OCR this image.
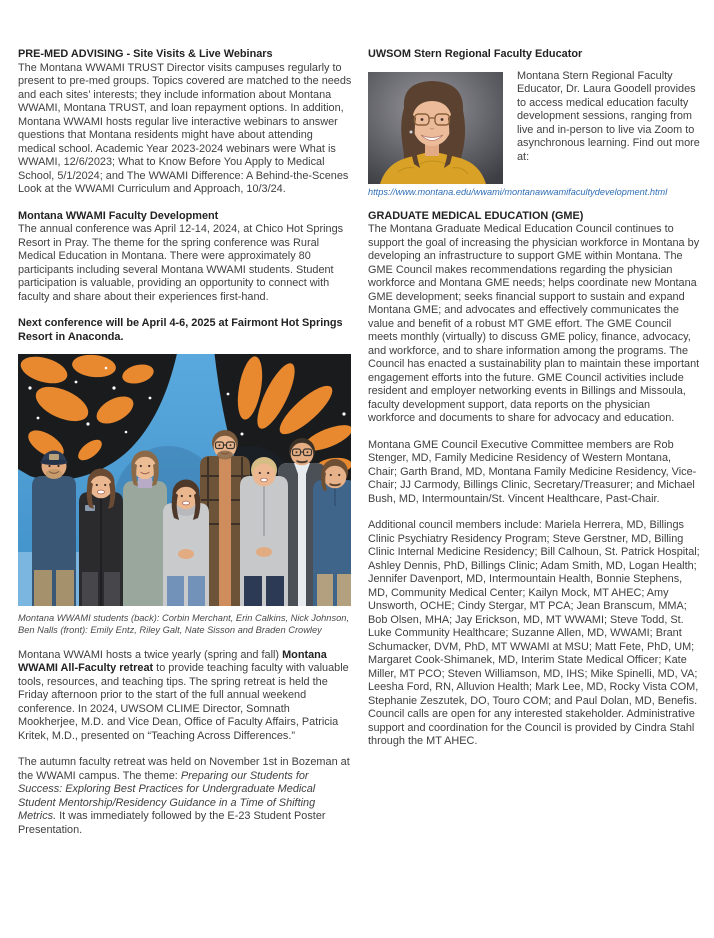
PRE-MED ADVISING - Site Visits & Live Webinars

The Montana WWAMI TRUST Director visits campuses regularly to present to pre-med groups. Topics covered are matched to the needs and each sites’ interests; they include information about Montana WWAMI, Montana TRUST, and loan repayment options. In addition, Montana WWAMI hosts regular live interactive webinars to answer questions that Montana residents might have about attending medical school. Academic Year 2023-2024 webinars were What is WWAMI, 12/6/2023; What to Know Before You Apply to Medical School, 5/1/2024; and The WWAMI Difference: A Behind-the-Scenes Look at the WWAMI Curriculum and Approach, 10/3/24.

Montana WWAMI Faculty Development

The annual conference was April 12-14, 2024, at Chico Hot Springs Resort in Pray. The theme for the spring conference was Rural Medical Education in Montana. There were approximately 80 participants including several Montana WWAMI students. Student participation is valuable, providing an opportunity to connect with faculty and share about their experiences first-hand.

Next conference will be April 4-6, 2025 at Fairmont Hot Springs Resort in Anaconda.

Montana WWAMI students (back): Corbin Merchant, Erin Calkins, Nick Johnson, Ben Nalls (front): Emily Entz, Riley Galt, Nate Sisson and Braden Crowley

Montana WWAMI hosts a twice yearly (spring and fall) Montana WWAMI All-Faculty retreat to provide teaching faculty with valuable tools, resources, and teaching tips. The spring retreat is held the Friday afternoon prior to the start of the full annual weekend conference. In 2024, UWSOM CLIME Director, Somnath Mookherjee, M.D. and Vice Dean, Office of Faculty Affairs, Patricia Kritek, M.D., presented on “Teaching Across Differences.”

The autumn faculty retreat was held on November 1st in Bozeman at the WWAMI campus. The theme: Preparing our Students for Success: Exploring Best Practices for Undergraduate Medical Student Mentorship/Residency Guidance in a Time of Shifting Metrics. It was immediately followed by the E-23 Student Poster Presentation.

UWSOM Stern Regional Faculty Educator

Montana Stern Regional Faculty Educator, Dr. Laura Goodell provides to access medical education faculty development sessions, ranging from live and in-person to live via Zoom to asynchronous learning. Find out more at:

https://www.montana.edu/wwami/montanawwamifacultydevelopment.html
GRADUATE MEDICAL EDUCATION (GME)

The Montana Graduate Medical Education Council continues to support the goal of increasing the physician workforce in Montana by developing an infrastructure to support GME within Montana. The GME Council makes recommendations regarding the physician workforce and Montana GME needs; helps coordinate new Montana GME development; seeks financial support to sustain and expand Montana GME; and advocates and effectively communicates the value and benefit of a robust MT GME effort. The GME Council meets monthly (virtually) to discuss GME policy, finance, advocacy, and workforce, and to share information among the programs. The Council has enacted a sustainability plan to maintain these important engagement efforts into the future. GME Council activities include resident and employer networking events in Billings and Missoula, faculty development support, data reports on the physician workforce and documents to share for advocacy and education.

Montana GME Council Executive Committee members are Rob Stenger, MD, Family Medicine Residency of Western Montana, Chair; Garth Brand, MD, Montana Family Medicine Residency, Vice-Chair; JJ Carmody, Billings Clinic, Secretary/Treasurer; and Michael Bush, MD, Intermountain/St. Vincent Healthcare, Past-Chair.

Additional council members include: Mariela Herrera, MD, Billings Clinic Psychiatry Residency Program; Steve Gerstner, MD, Billing Clinic Internal Medicine Residency; Bill Calhoun, St. Patrick Hospital; Ashley Dennis, PhD, Billings Clinic; Adam Smith, MD, Logan Health; Jennifer Davenport, MD, Intermountain Health, Bonnie Stephens, MD, Community Medical Center; Kailyn Mock, MT AHEC; Amy Unsworth, OCHE; Cindy Stergar, MT PCA; Jean Branscum, MMA; Bob Olsen, MHA; Jay Erickson, MD, MT WWAMI; Steve Todd, St. Luke Community Healthcare; Suzanne Allen, MD, WWAMI; Brant Schumacker, DVM, PhD, MT WWAMI at MSU; Matt Fete, PhD, UM; Margaret Cook-Shimanek, MD, Interim State Medical Officer; Kate Miller, MT PCO; Steven Williamson, MD, IHS; Mike Spinelli, MD, VA; Leesha Ford, RN, Alluvion Health; Mark Lee, MD, Rocky Vista COM, Stephanie Zeszutek, DO, Touro COM; and Paul Dolan, MD, Benefis. Council calls are open for any interested stakeholder. Administrative support and coordination for the Council is provided by Cindra Stahl through the MT AHEC.
